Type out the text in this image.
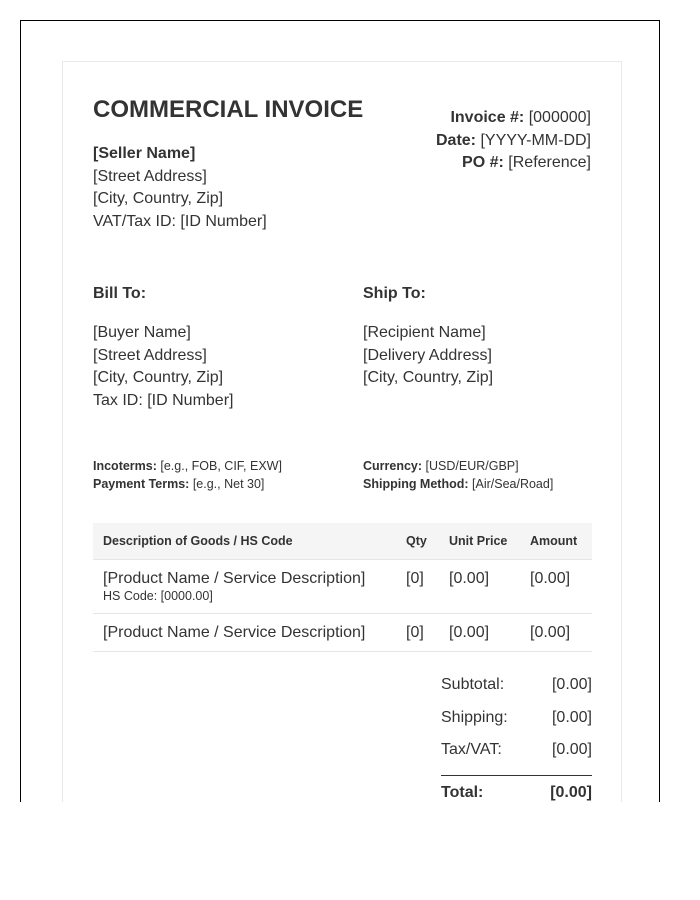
COMMERCIAL INVOICE
[Seller Name]
[Street Address]
[City, Country, Zip]
VAT/Tax ID: [ID Number]
Invoice #: [000000]
Date: [YYYY-MM-DD]
PO #: [Reference]
Bill To:
[Buyer Name]
[Street Address]
[City, Country, Zip]
Tax ID: [ID Number]
Ship To:
[Recipient Name]
[Delivery Address]
[City, Country, Zip]
Incoterms: [e.g., FOB, CIF, EXW]
Payment Terms: [e.g., Net 30]
Currency: [USD/EUR/GBP]
Shipping Method: [Air/Sea/Road]
Description of Goods / HS Code	Qty	Unit Price	Amount

[Product Name / Service Description]
HS Code: [0000.00]	[0]	[0.00]	[0.00]

[Product Name / Service Description]	[0]	[0.00]	[0.00]
Subtotal:	[0.00]
Shipping:	[0.00]
Tax/VAT:	[0.00]
Total:	[0.00]
